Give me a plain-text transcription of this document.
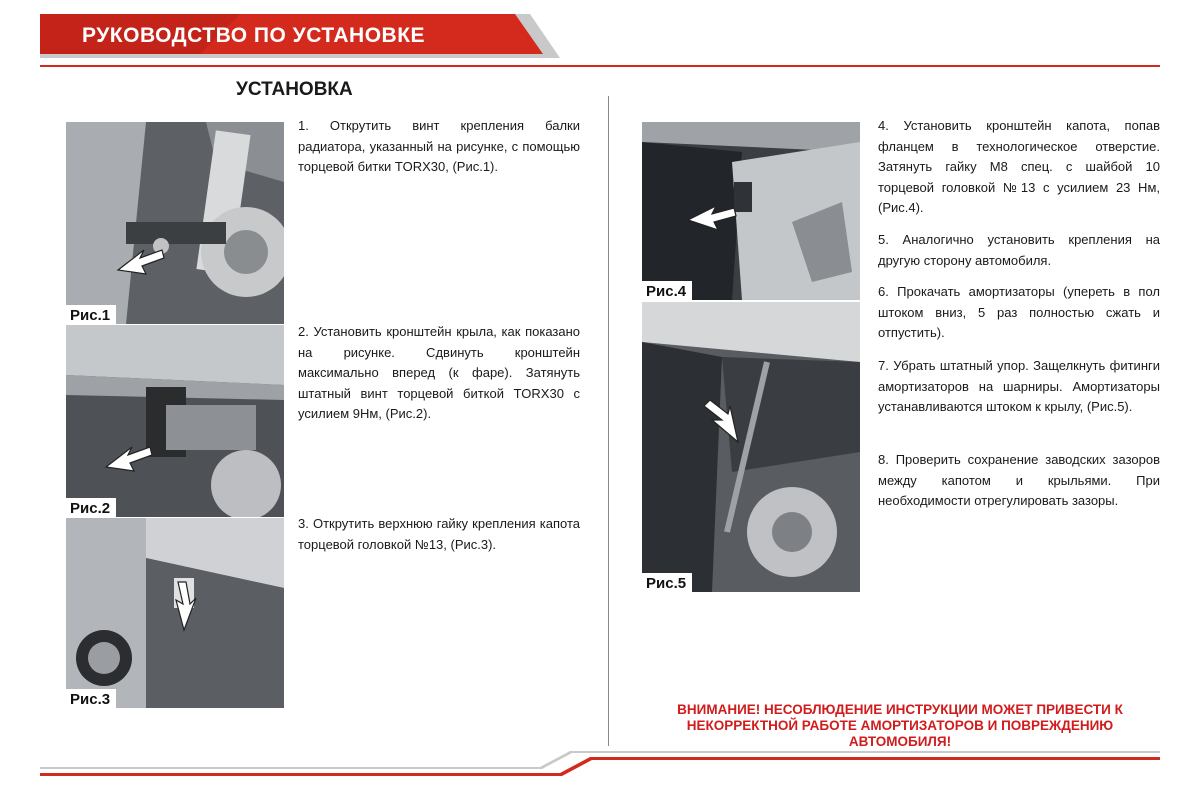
РУКОВОДСТВО ПО УСТАНОВКЕ
УСТАНОВКА
Рис.1
Рис.2
Рис.3
Рис.4
Рис.5
1. Открутить винт крепления балки радиатора, указанный на рисунке, с помощью торцевой битки TORX30, (Рис.1).
2. Установить кронштейн крыла, как показано на рисунке. Сдвинуть кронштейн максимально вперед (к фаре). Затянуть штатный винт торцевой биткой TORX30 с усилием 9Нм, (Рис.2).
3. Открутить верхнюю гайку крепления капота торцевой головкой №13, (Рис.3).
4. Установить кронштейн капота, попав фланцем в технологическое отверстие. Затянуть гайку М8 спец. с шайбой 10 торцевой головкой №13 с усилием 23 Нм, (Рис.4).
5. Аналогично установить крепления на другую сторону автомобиля.
6. Прокачать амортизаторы (упереть в пол штоком вниз, 5 раз полностью сжать и отпустить).
7. Убрать штатный упор. Защелкнуть фитинги амортизаторов на шарниры. Амортизаторы устанавливаются штоком к крылу, (Рис.5).
8. Проверить сохранение заводских зазоров между капотом и крыльями. При необходимости отрегулировать зазоры.
ВНИМАНИЕ! НЕСОБЛЮДЕНИЕ ИНСТРУКЦИИ МОЖЕТ ПРИВЕСТИ К НЕКОРРЕКТНОЙ РАБОТЕ АМОРТИЗАТОРОВ И ПОВРЕЖДЕНИЮ АВТОМОБИЛЯ!
